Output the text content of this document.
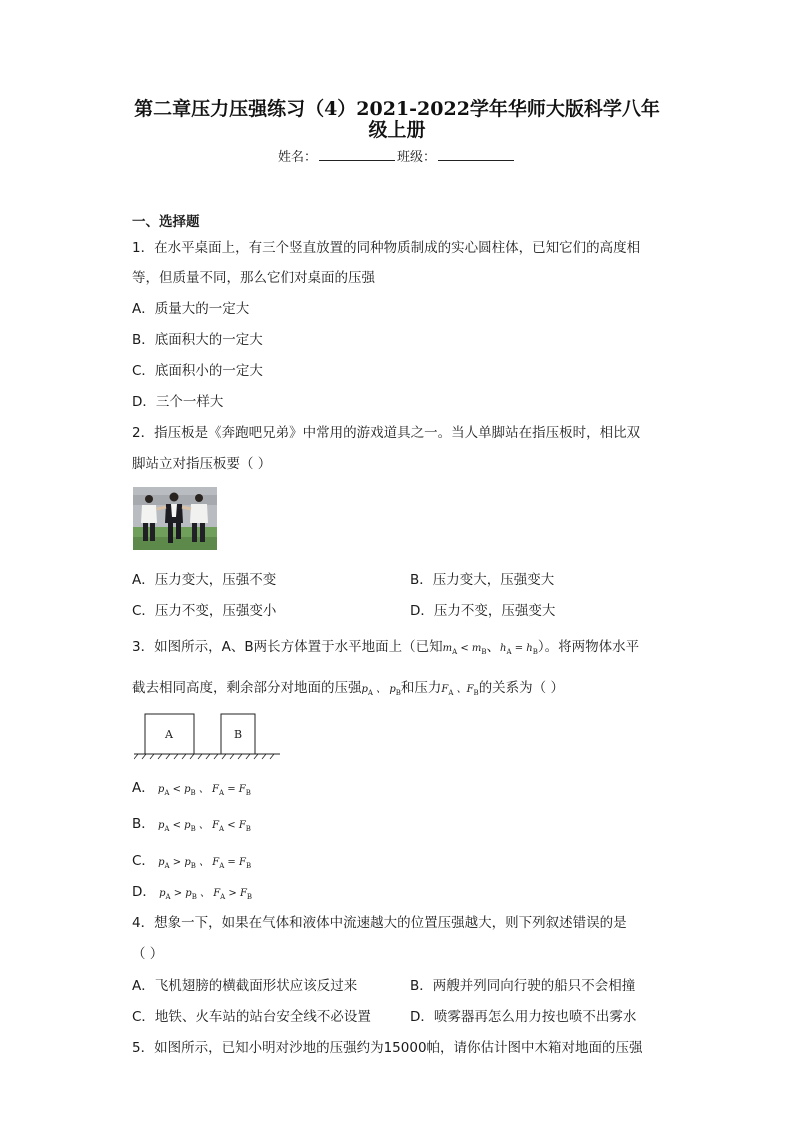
第二章压力压强练习（4）2021-2022学年华师大版科学八年
级上册
姓名：	班级：
一、选择题
1．在水平桌面上，有三个竖直放置的同种物质制成的实心圆柱体，已知它们的高度相
等，但质量不同，那么它们对桌面的压强
A．质量大的一定大
B．底面积大的一定大
C．底面积小的一定大
D．三个一样大
2．指压板是《奔跑吧兄弟》中常用的游戏道具之一。当人单脚站在指压板时，相比双
脚站立对指压板要（ ）
A．压力变大，压强不变	B．压力变大，压强变大
C．压力不变，压强变小	D．压力不变，压强变大
3．如图所示，A、B两长方体置于水平地面上（已知$m_A < m_B$、$h_A = h_B$）。将两物体水平
截去相同高度，剩余部分对地面的压强$p_A$ 、 $p_B$和压力$F_A$ 、$F_B$的关系为（ ）
A	B
A． $p_A < p_B$ 、 $F_A = F_B$
B． $p_A < p_B$ 、 $F_A < F_B$
C． $p_A > p_B$ 、 $F_A = F_B$
D． $p_A > p_B$ 、 $F_A > F_B$
4．想象一下，如果在气体和液体中流速越大的位置压强越大，则下列叙述错误的是
（ ）
A．飞机翅膀的横截面形状应该反过来	B．两艘并列同向行驶的船只不会相撞
C．地铁、火车站的站台安全线不必设置	D．喷雾器再怎么用力按也喷不出雾水
5．如图所示，已知小明对沙地的压强约为15000帕，请你估计图中木箱对地面的压强
